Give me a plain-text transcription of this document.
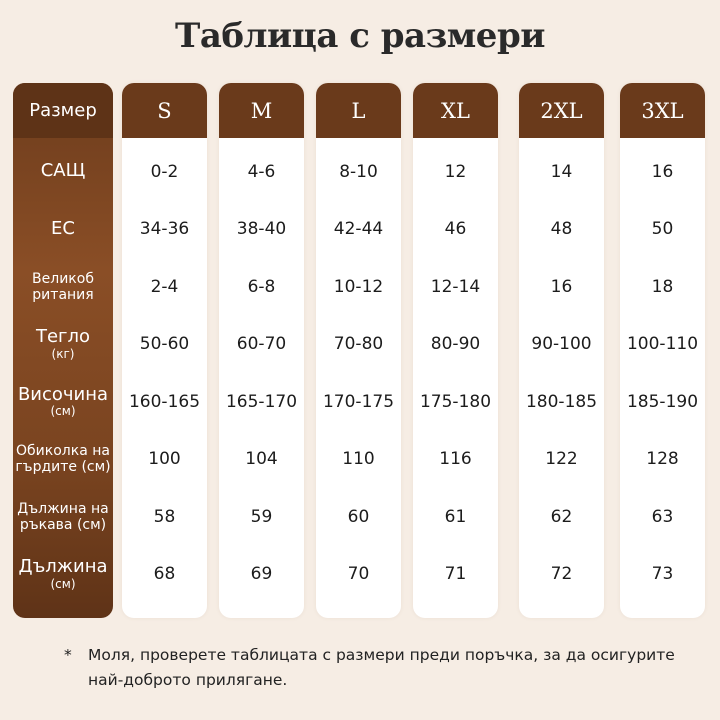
Таблица с размери
Размер
САЩ
ЕС
Великоб
ритания
Тегло
(кг)
Височина
(см)
Обиколка на
гърдите (см)
Дължина на
ръкава (см)
Дължина
(см)
S
0-2
34-36
2-4
50-60
160-165
100
58
68
M
4-6
38-40
6-8
60-70
165-170
104
59
69
L
8-10
42-44
10-12
70-80
170-175
110
60
70
XL
12
46
12-14
80-90
175-180
116
61
71
2XL
14
48
16
90-100
180-185
122
62
72
3XL
16
50
18
100-110
185-190
128
63
73
*	Моля, проверете таблицата с размери преди поръчка, за да осигурите най-доброто прилягане.
